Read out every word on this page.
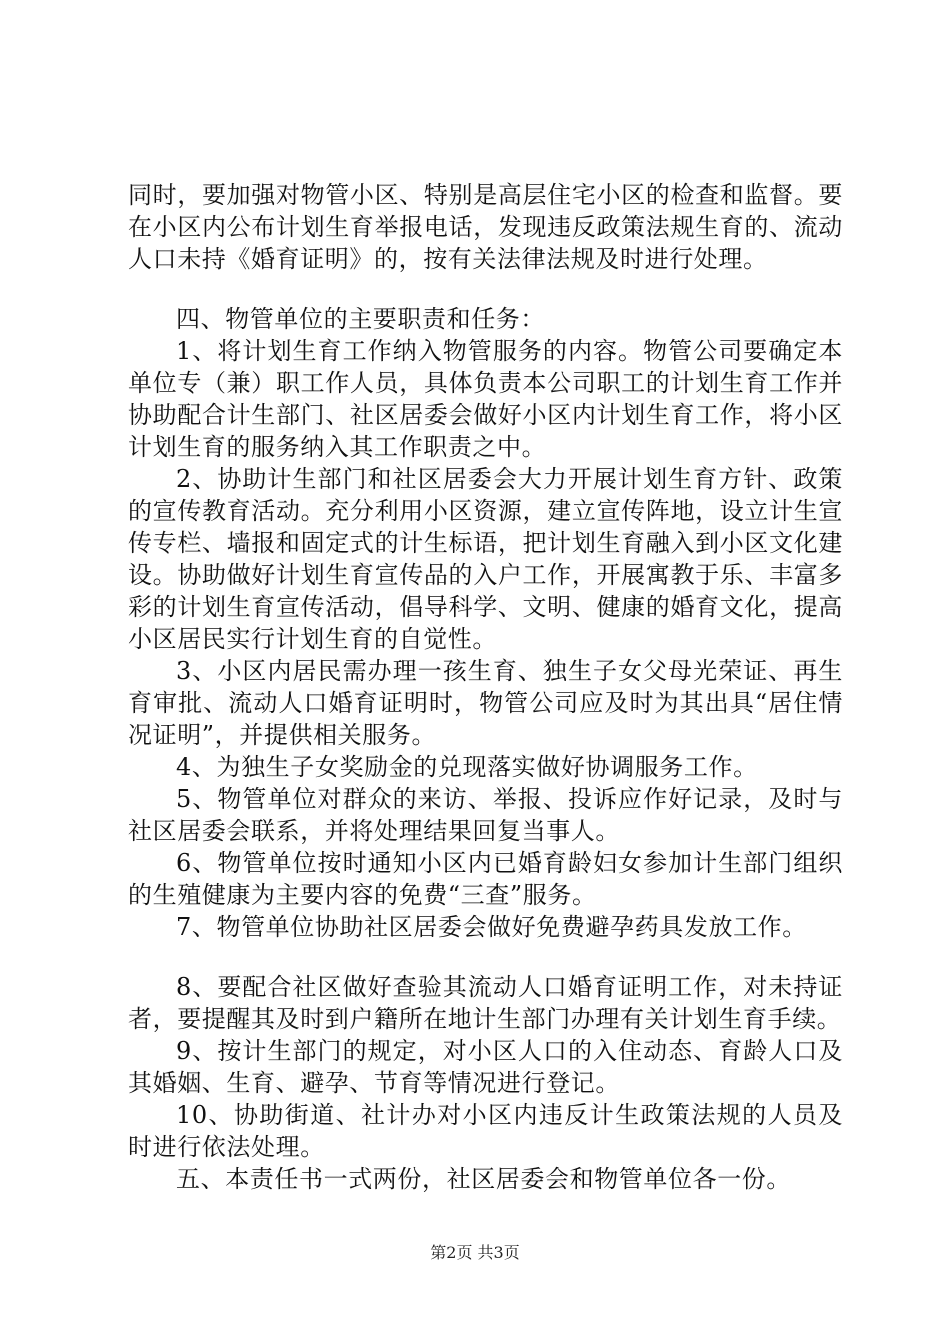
同时，要加强对物管小区、特别是高层住宅小区的检查和监督。要在小区内公布计划生育举报电话，发现违反政策法规生育的、流动人口未持《婚育证明》的，按有关法律法规及时进行处理。

四、物管单位的主要职责和任务：

1、将计划生育工作纳入物管服务的内容。物管公司要确定本单位专（兼）职工作人员，具体负责本公司职工的计划生育工作并协助配合计生部门、社区居委会做好小区内计划生育工作，将小区计划生育的服务纳入其工作职责之中。

2、协助计生部门和社区居委会大力开展计划生育方针、政策的宣传教育活动。充分利用小区资源，建立宣传阵地，设立计生宣传专栏、墙报和固定式的计生标语，把计划生育融入到小区文化建设。协助做好计划生育宣传品的入户工作，开展寓教于乐、丰富多彩的计划生育宣传活动，倡导科学、文明、健康的婚育文化，提高小区居民实行计划生育的自觉性。

3、小区内居民需办理一孩生育、独生子女父母光荣证、再生育审批、流动人口婚育证明时，物管公司应及时为其出具“居住情况证明”，并提供相关服务。

4、为独生子女奖励金的兑现落实做好协调服务工作。

5、物管单位对群众的来访、举报、投诉应作好记录，及时与社区居委会联系，并将处理结果回复当事人。

6、物管单位按时通知小区内已婚育龄妇女参加计生部门组织的生殖健康为主要内容的免费“三查”服务。

7、物管单位协助社区居委会做好免费避孕药具发放工作。

8、要配合社区做好查验其流动人口婚育证明工作，对未持证者，要提醒其及时到户籍所在地计生部门办理有关计划生育手续。

9、按计生部门的规定，对小区人口的入住动态、育龄人口及其婚姻、生育、避孕、节育等情况进行登记。

10、协助街道、社计办对小区内违反计生政策法规的人员及时进行依法处理。

五、本责任书一式两份，社区居委会和物管单位各一份。

第2页 共3页
